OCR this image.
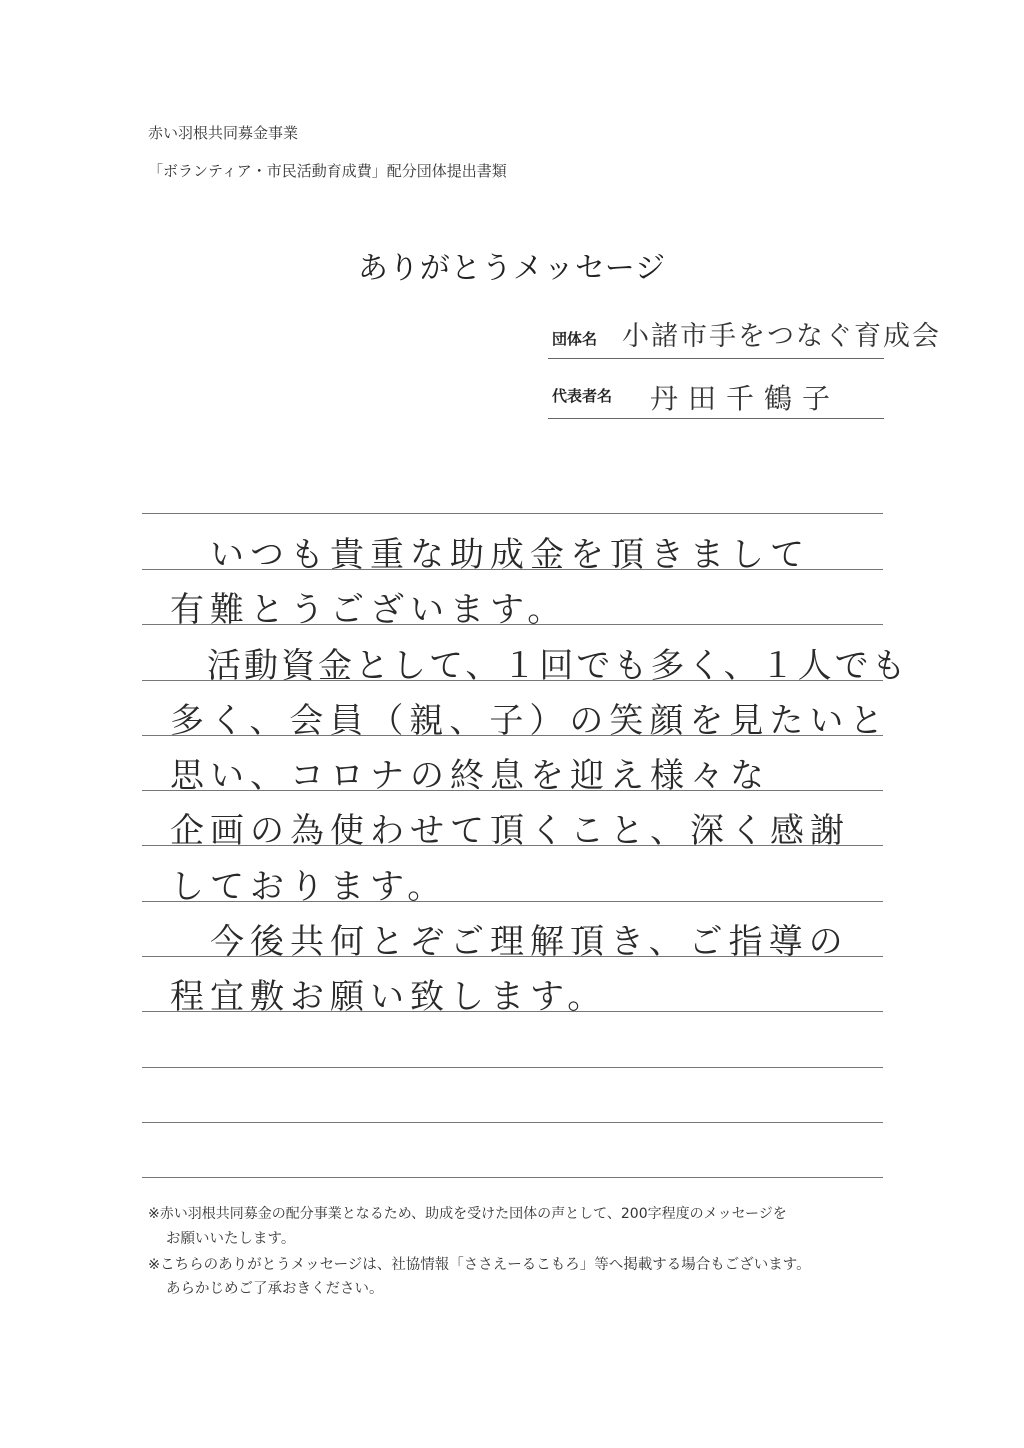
赤い羽根共同募金事業
「ボランティア・市民活動育成費」配分団体提出書類
ありがとうメッセージ
団体名 小諸市手をつなぐ育成会
代表者名 丹田千鶴子
　いつも貴重な助成金を頂きまして
有難とうございます。
　活動資金として、１回でも多く、１人でも
多く、会員（親、子）の笑顔を見たいと
思い、コロナの終息を迎え様々な
企画の為使わせて頂くこと、深く感謝
しております。
　今後共何とぞご理解頂き、ご指導の
程宜敷お願い致します。
※赤い羽根共同募金の配分事業となるため、助成を受けた団体の声として、200字程度のメッセージを
お願いいたします。
※こちらのありがとうメッセージは、社協情報「ささえーるこもろ」等へ掲載する場合もございます。
あらかじめご了承おきください。
